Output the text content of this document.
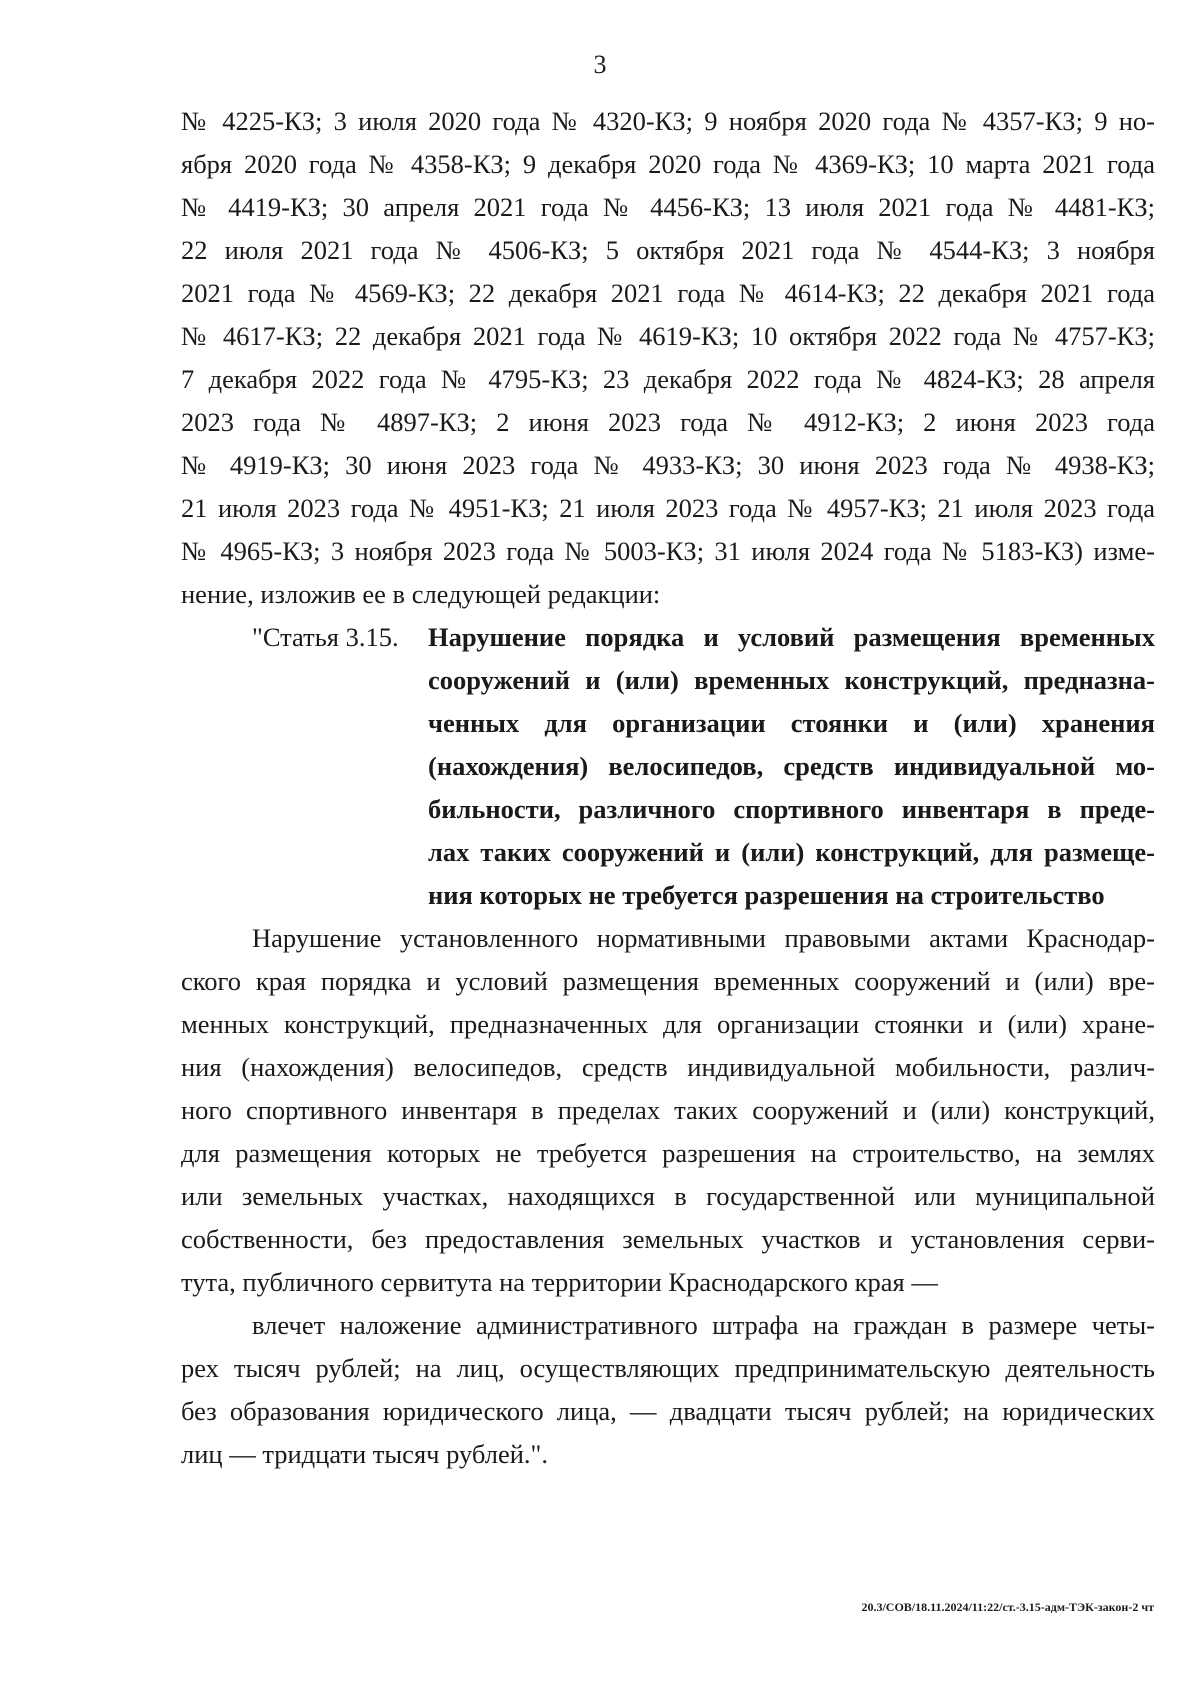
3
№ 4225-КЗ; 3 июля 2020 года № 4320-КЗ; 9 ноября 2020 года № 4357-КЗ; 9 но-
ября 2020 года № 4358-КЗ; 9 декабря 2020 года № 4369-КЗ; 10 марта 2021 года
№ 4419-КЗ; 30 апреля 2021 года № 4456-КЗ; 13 июля 2021 года № 4481-КЗ;
22 июля 2021 года № 4506-КЗ; 5 октября 2021 года № 4544-КЗ; 3 ноября
2021 года № 4569-КЗ; 22 декабря 2021 года № 4614-КЗ; 22 декабря 2021 года
№ 4617-КЗ; 22 декабря 2021 года № 4619-КЗ; 10 октября 2022 года № 4757-КЗ;
7 декабря 2022 года № 4795-КЗ; 23 декабря 2022 года № 4824-КЗ; 28 апреля
2023 года № 4897-КЗ; 2 июня 2023 года № 4912-КЗ; 2 июня 2023 года
№ 4919-КЗ; 30 июня 2023 года № 4933-КЗ; 30 июня 2023 года № 4938-КЗ;
21 июля 2023 года № 4951-КЗ; 21 июля 2023 года № 4957-КЗ; 21 июля 2023 года
№ 4965-КЗ; 3 ноября 2023 года № 5003-КЗ; 31 июля 2024 года № 5183-КЗ) изме-
нение, изложив ее в следующей редакции:
"Статья 3.15. Нарушение порядка и условий размещения временных
сооружений и (или) временных конструкций, предназна-
ченных для организации стоянки и (или) хранения
(нахождения) велосипедов, средств индивидуальной мо-
бильности, различного спортивного инвентаря в преде-
лах таких сооружений и (или) конструкций, для размеще-
ния которых не требуется разрешения на строительство
Нарушение установленного нормативными правовыми актами Краснодар-
ского края порядка и условий размещения временных сооружений и (или) вре-
менных конструкций, предназначенных для организации стоянки и (или) хране-
ния (нахождения) велосипедов, средств индивидуальной мобильности, различ-
ного спортивного инвентаря в пределах таких сооружений и (или) конструкций,
для размещения которых не требуется разрешения на строительство, на землях
или земельных участках, находящихся в государственной или муниципальной
собственности, без предоставления земельных участков и установления серви-
тута, публичного сервитута на территории Краснодарского края —
влечет наложение административного штрафа на граждан в размере четы-
рех тысяч рублей; на лиц, осуществляющих предпринимательскую деятельность
без образования юридического лица, — двадцати тысяч рублей; на юридических
лиц — тридцати тысяч рублей.".
20.3/СОВ/18.11.2024/11:22/ст.-3.15-адм-ТЭК-закон-2 чт
